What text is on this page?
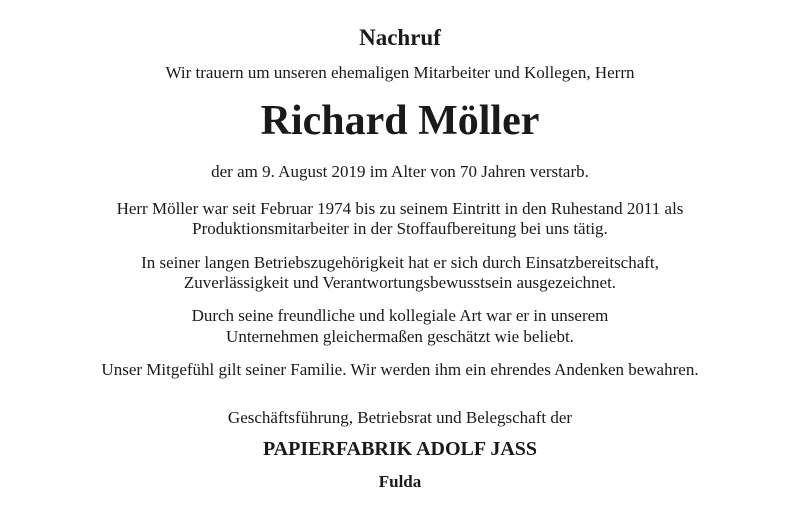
Nachruf
Wir trauern um unseren ehemaligen Mitarbeiter und Kollegen, Herrn
Richard Möller
der am 9. August 2019 im Alter von 70 Jahren verstarb.
Herr Möller war seit Februar 1974 bis zu seinem Eintritt in den Ruhestand 2011 als
Produktionsmitarbeiter in der Stoffaufbereitung bei uns tätig.
In seiner langen Betriebszugehörigkeit hat er sich durch Einsatzbereitschaft,
Zuverlässigkeit und Verantwortungsbewusstsein ausgezeichnet.
Durch seine freundliche und kollegiale Art war er in unserem
Unternehmen gleichermaßen geschätzt wie beliebt.
Unser Mitgefühl gilt seiner Familie. Wir werden ihm ein ehrendes Andenken bewahren.
Geschäftsführung, Betriebsrat und Belegschaft der
PAPIERFABRIK ADOLF JASS
Fulda
